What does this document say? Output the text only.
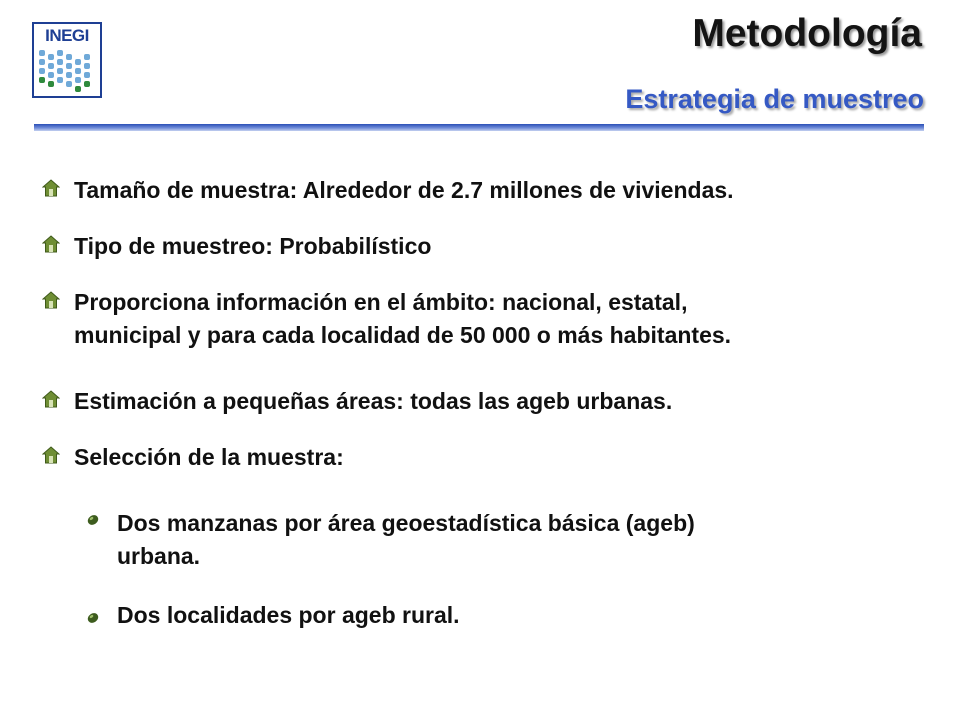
INEGI	Metodología
Estrategia de muestreo
Tamaño de muestra: Alrededor de 2.7 millones de viviendas.
Tipo de muestreo: Probabilístico
Proporciona información en el ámbito: nacional, estatal,
municipal y para cada localidad de 50 000 o más habitantes.
Estimación a pequeñas áreas: todas las ageb urbanas.
Selección de la muestra:
Dos manzanas por área geoestadística básica (ageb)
urbana.
Dos localidades por ageb rural.
